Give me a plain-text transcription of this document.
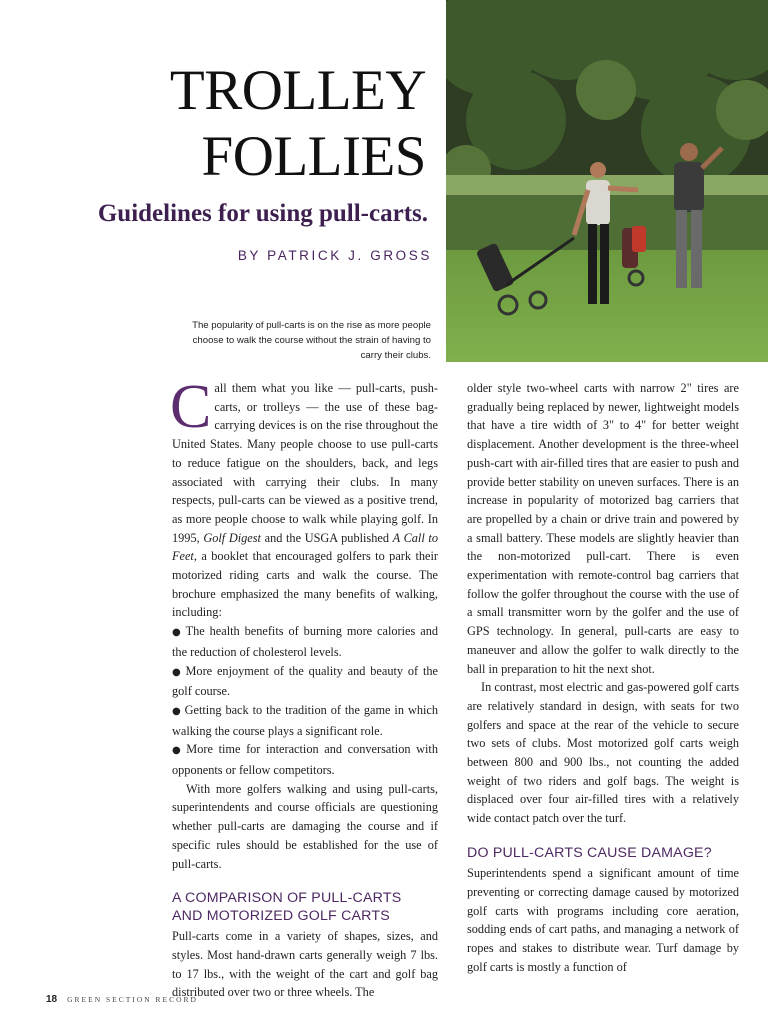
TROLLEY
FOLLIES
Guidelines for using pull-carts.
BY PATRICK J. GROSS
The popularity of pull-carts is on the rise as more people choose to walk the course without the strain of having to carry their clubs.

Call them what you like — pull-carts, push-carts, or trolleys — the use of these bag-carrying devices is on the rise throughout the United States. Many people choose to use pull-carts to reduce fatigue on the shoulders, back, and legs associated with carrying their clubs. In many respects, pull-carts can be viewed as a positive trend, as more people choose to walk while playing golf. In 1995, Golf Digest and the USGA published A Call to Feet, a booklet that encouraged golfers to park their motorized riding carts and walk the course. The brochure emphasized the many benefits of walking, including:

● The health benefits of burning more calories and the reduction of cholesterol levels.

● More enjoyment of the quality and beauty of the golf course.

● Getting back to the tradition of the game in which walking the course plays a significant role.

● More time for interaction and conversation with opponents or fellow competitors.

With more golfers walking and using pull-carts, superintendents and course officials are questioning whether pull-carts are damaging the course and if specific rules should be established for the use of pull-carts.

A COMPARISON OF PULL-CARTS
AND MOTORIZED GOLF CARTS

Pull-carts come in a variety of shapes, sizes, and styles. Most hand-drawn carts generally weigh 7 lbs. to 17 lbs., with the weight of the cart and golf bag distributed over two or three wheels. The

older style two-wheel carts with narrow 2" tires are gradually being replaced by newer, lightweight models that have a tire width of 3" to 4" for better weight displacement. Another development is the three-wheel push-cart with air-filled tires that are easier to push and provide better stability on uneven surfaces. There is an increase in popularity of motorized bag carriers that are propelled by a chain or drive train and powered by a small battery. These models are slightly heavier than the non-motorized pull-cart. There is even experimentation with remote-control bag carriers that follow the golfer throughout the course with the use of a small transmitter worn by the golfer and the use of GPS technology. In general, pull-carts are easy to maneuver and allow the golfer to walk directly to the ball in preparation to hit the next shot.

In contrast, most electric and gas-powered golf carts are relatively standard in design, with seats for two golfers and space at the rear of the vehicle to secure two sets of clubs. Most motorized golf carts weigh between 800 and 900 lbs., not counting the added weight of two riders and golf bags. The weight is displaced over four air-filled tires with a relatively wide contact patch over the turf.

DO PULL-CARTS CAUSE DAMAGE?

Superintendents spend a significant amount of time preventing or correcting damage caused by motorized golf carts with programs including core aeration, sodding ends of cart paths, and managing a network of ropes and stakes to distribute wear. Turf damage by golf carts is mostly a function of

18 GREEN SECTION RECORD
